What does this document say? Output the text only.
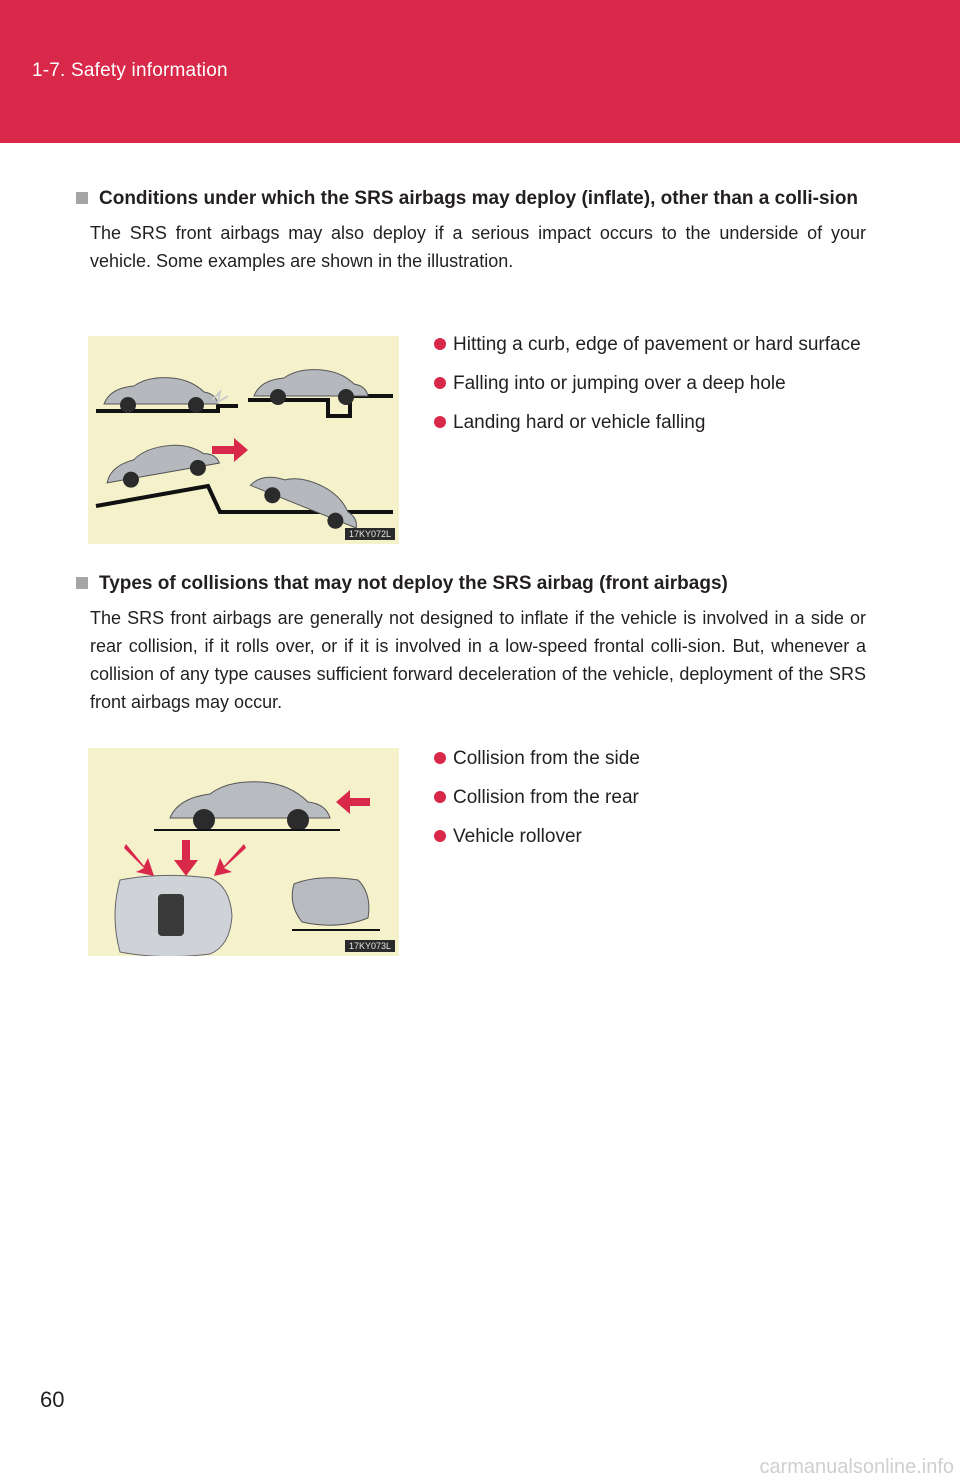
1-7. Safety information
Conditions under which the SRS airbags may deploy (inflate), other than a colli-sion
The SRS front airbags may also deploy if a serious impact occurs to the underside of your vehicle. Some examples are shown in the illustration.
17KY072L
Hitting a curb, edge of pavement or hard surface
Falling into or jumping over a deep hole
Landing hard or vehicle falling
Types of collisions that may not deploy the SRS airbag (front airbags)
The SRS front airbags are generally not designed to inflate if the vehicle is involved in a side or rear collision, if it rolls over, or if it is involved in a low-speed frontal colli-sion. But, whenever a collision of any type causes sufficient forward deceleration of the vehicle, deployment of the SRS front airbags may occur.
17KY073L
Collision from the side
Collision from the rear
Vehicle rollover
60
carmanualsonline.info
